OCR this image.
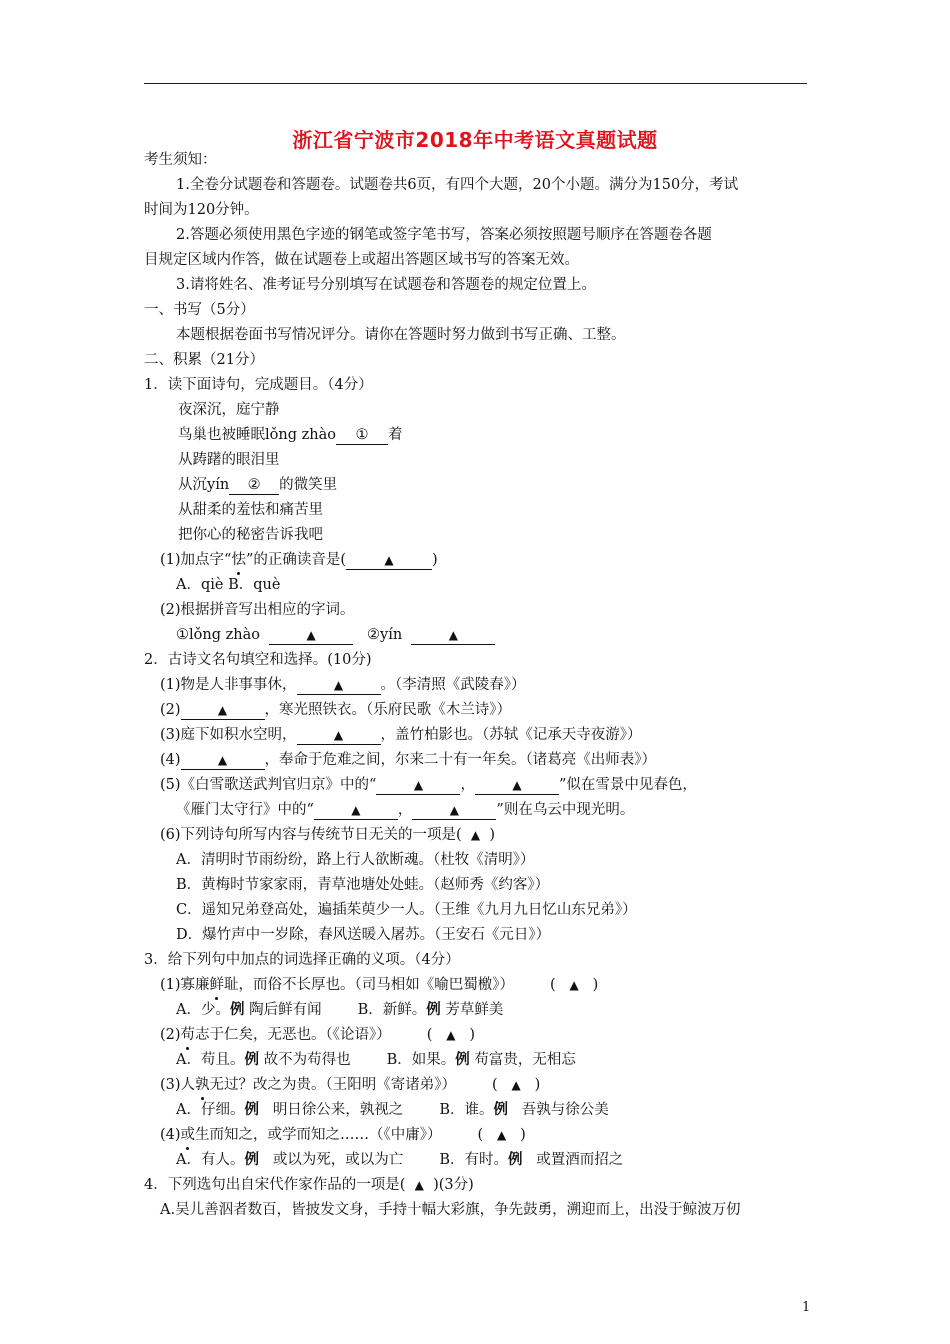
浙江省宁波市2018年中考语文真题试题
考生须知：
1.全卷分试题卷和答题卷。试题卷共6页，有四个大题，20个小题。满分为150分，考试
时间为120分钟。
2.答题必须使用黑色字迹的钢笔或签字笔书写，答案必须按照题号顺序在答题卷各题
目规定区域内作答，做在试题卷上或超出答题区域书写的答案无效。
3.请将姓名、准考证号分别填写在试题卷和答题卷的规定位置上。
一、书写（5分）
本题根据卷面书写情况评分。请你在答题时努力做到书写正确、工整。
二、积累（21分）
1．读下面诗句，完成题目。（4分）
夜深沉，庭宁静
鸟巢也被睡眠lǒng zhào ① 着
从踌躇的眼泪里
从沉yín ② 的微笑里
从甜柔的羞怯和痛苦里
把你心的秘密告诉我吧
(1)加点字“怯”的正确读音是(	▲	)
A．qiè B．què
(2)根据拼音写出相应的字词。
①lǒng zhào	▲	②yín	▲
2．古诗文名句填空和选择。(10分)
(1)物是人非事事休，	▲	。（李清照《武陵春》）
(2)	▲	，寒光照铁衣。（乐府民歌《木兰诗》）
(3)庭下如积水空明，	▲	，盖竹柏影也。（苏轼《记承天寺夜游》）
(4)	▲	，奉命于危难之间，尔来二十有一年矣。（诸葛亮《出师表》）
(5)《白雪歌送武判官归京》中的“	▲	，	▲	”似在雪景中见春色，
《雁门太守行》中的“	▲	，	▲	”则在乌云中现光明。
(6)下列诗句所写内容与传统节日无关的一项是( ▲ )
A．清明时节雨纷纷，路上行人欲断魂。（杜牧《清明》）
B．黄梅时节家家雨，青草池塘处处蛙。（赵师秀《约客》）
C．遥知兄弟登高处，遍插茱萸少一人。（王维《九月九日忆山东兄弟》）
D．爆竹声中一岁除，春风送暖入屠苏。（王安石《元日》）
3．给下列句中加点的词选择正确的义项。（4分）
(1)寡廉鲜耻，而俗不长厚也。（司马相如《喻巴蜀檄》） ( ▲ )
A．少。例 陶后鲜有闻 B．新鲜。例 芳草鲜美
(2)苟志于仁矣，无恶也。（《论语》） ( ▲ )
A．苟且。例 故不为苟得也 B．如果。例 苟富贵，无相忘
(3)人孰无过？改之为贵。（王阳明《寄诸弟》） ( ▲ )
A．仔细。例 明日徐公来，孰视之 B．谁。例 吾孰与徐公美
(4)或生而知之，或学而知之……（《中庸》） ( ▲ )
A．有人。例 或以为死，或以为亡 B．有时。例 或置酒而招之
4．下列选句出自宋代作家作品的一项是( ▲ )(3分)
A.吴儿善泅者数百，皆披发文身，手持十幅大彩旗，争先鼓勇，溯迎而上，出没于鲸波万仞
1
